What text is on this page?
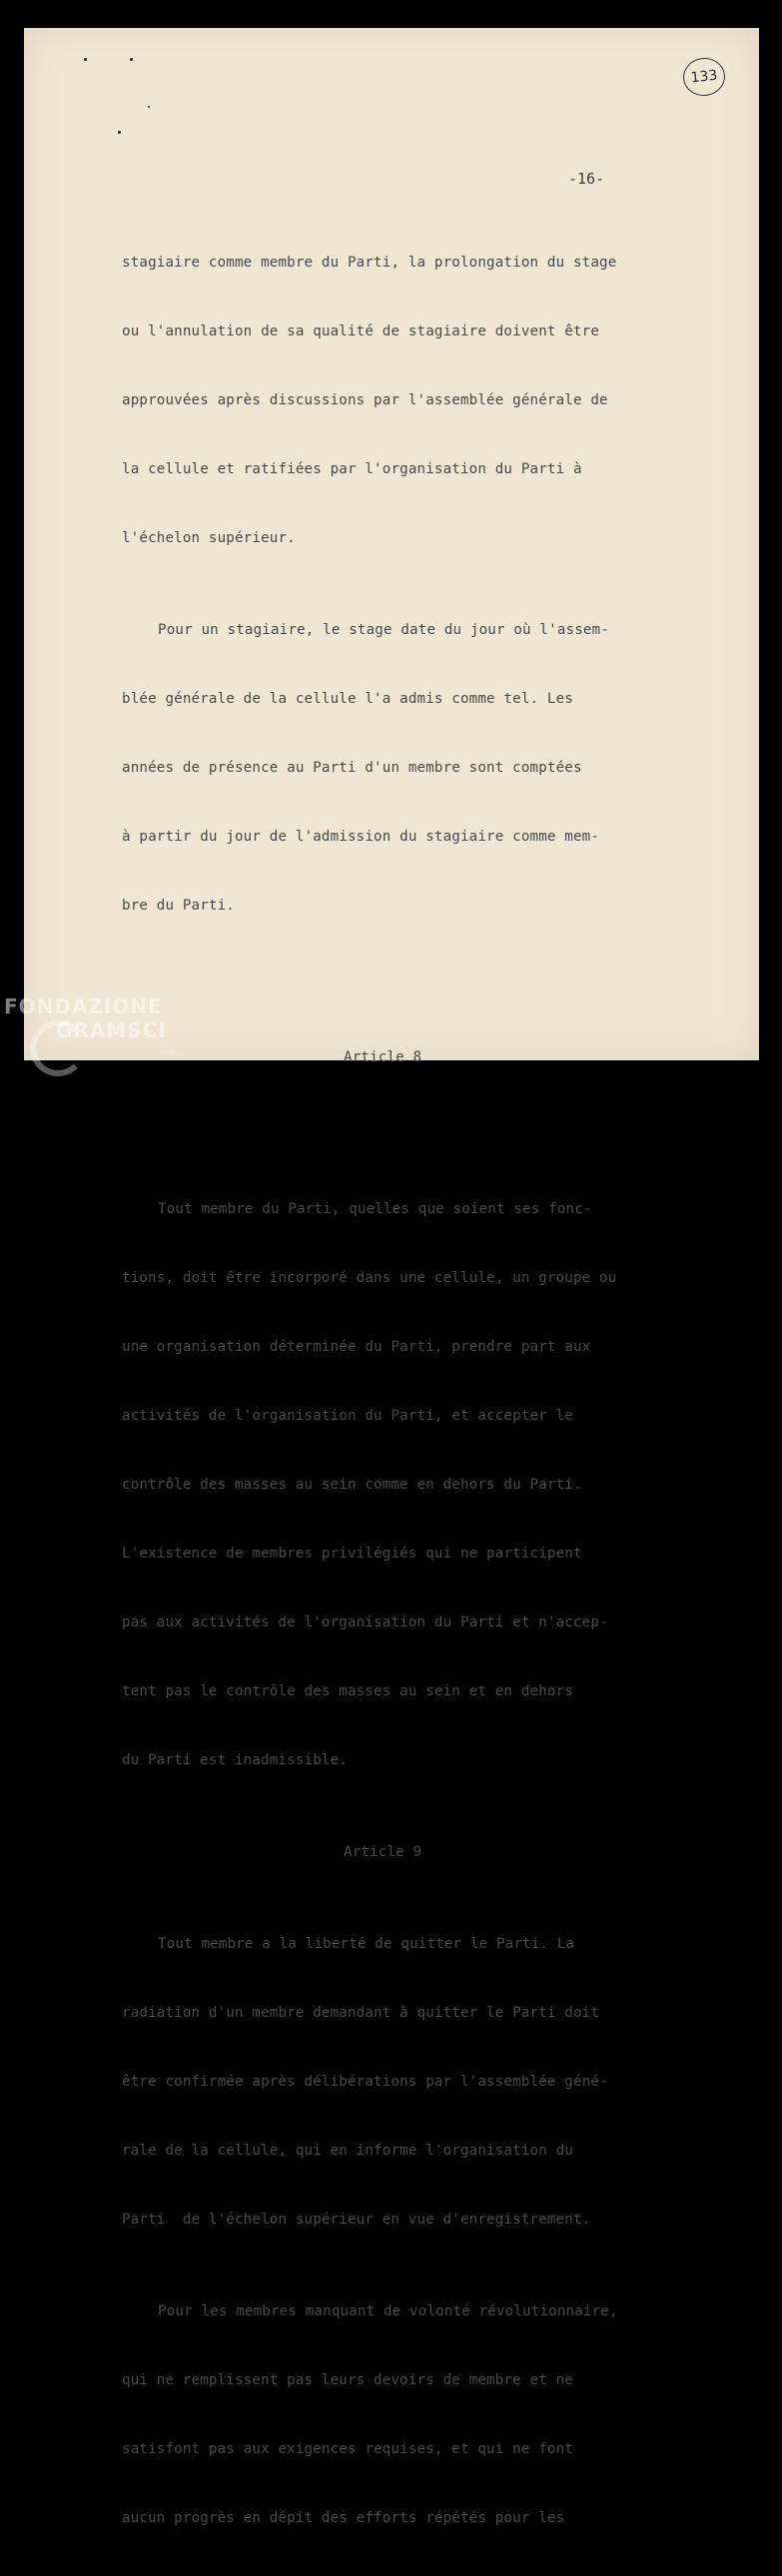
133
-16-

stagiaire comme membre du Parti, la prolongation du stage

ou l'annulation de sa qualité de stagiaire doivent être

approuvées après discussions par l'assemblée générale de

la cellule et ratifiées par l'organisation du Parti à

l'échelon supérieur.

Pour un stagiaire, le stage date du jour où l'assem-

blée générale de la cellule l'a admis comme tel. Les

années de présence au Parti d'un membre sont comptées

à partir du jour de l'admission du stagiaire comme mem-

bre du Parti.

Article 8

Tout membre du Parti, quelles que soient ses fonc-

tions, doit être incorporé dans une cellule, un groupe ou

une organisation déterminée du Parti, prendre part aux

activités de l'organisation du Parti, et accepter le

contrôle des masses au sein comme en dehors du Parti.

L'existence de membres privilégiés qui ne participent

pas aux activités de l'organisation du Parti et n'accep-

tent pas le contrôle des masses au sein et en dehors

du Parti est inadmissible.

Article 9

Tout membre a la liberté de quitter le Parti. La

radiation d'un membre demandant à quitter le Parti doit

être confirmée après délibérations par l'assemblée géné-

rale de la cellule, qui en informe l'organisation du

Parti  de l'échelon supérieur en vue d'enregistrement.

Pour les membres manquant de volonté révolutionnaire,

qui ne remplissent pas leurs devoirs de membre et ne

satisfont pas aux exigences requises, et qui ne font

aucun progrès en dépit des efforts répétés pour les

FONDAZIONE
GRAMSCI
onlus
